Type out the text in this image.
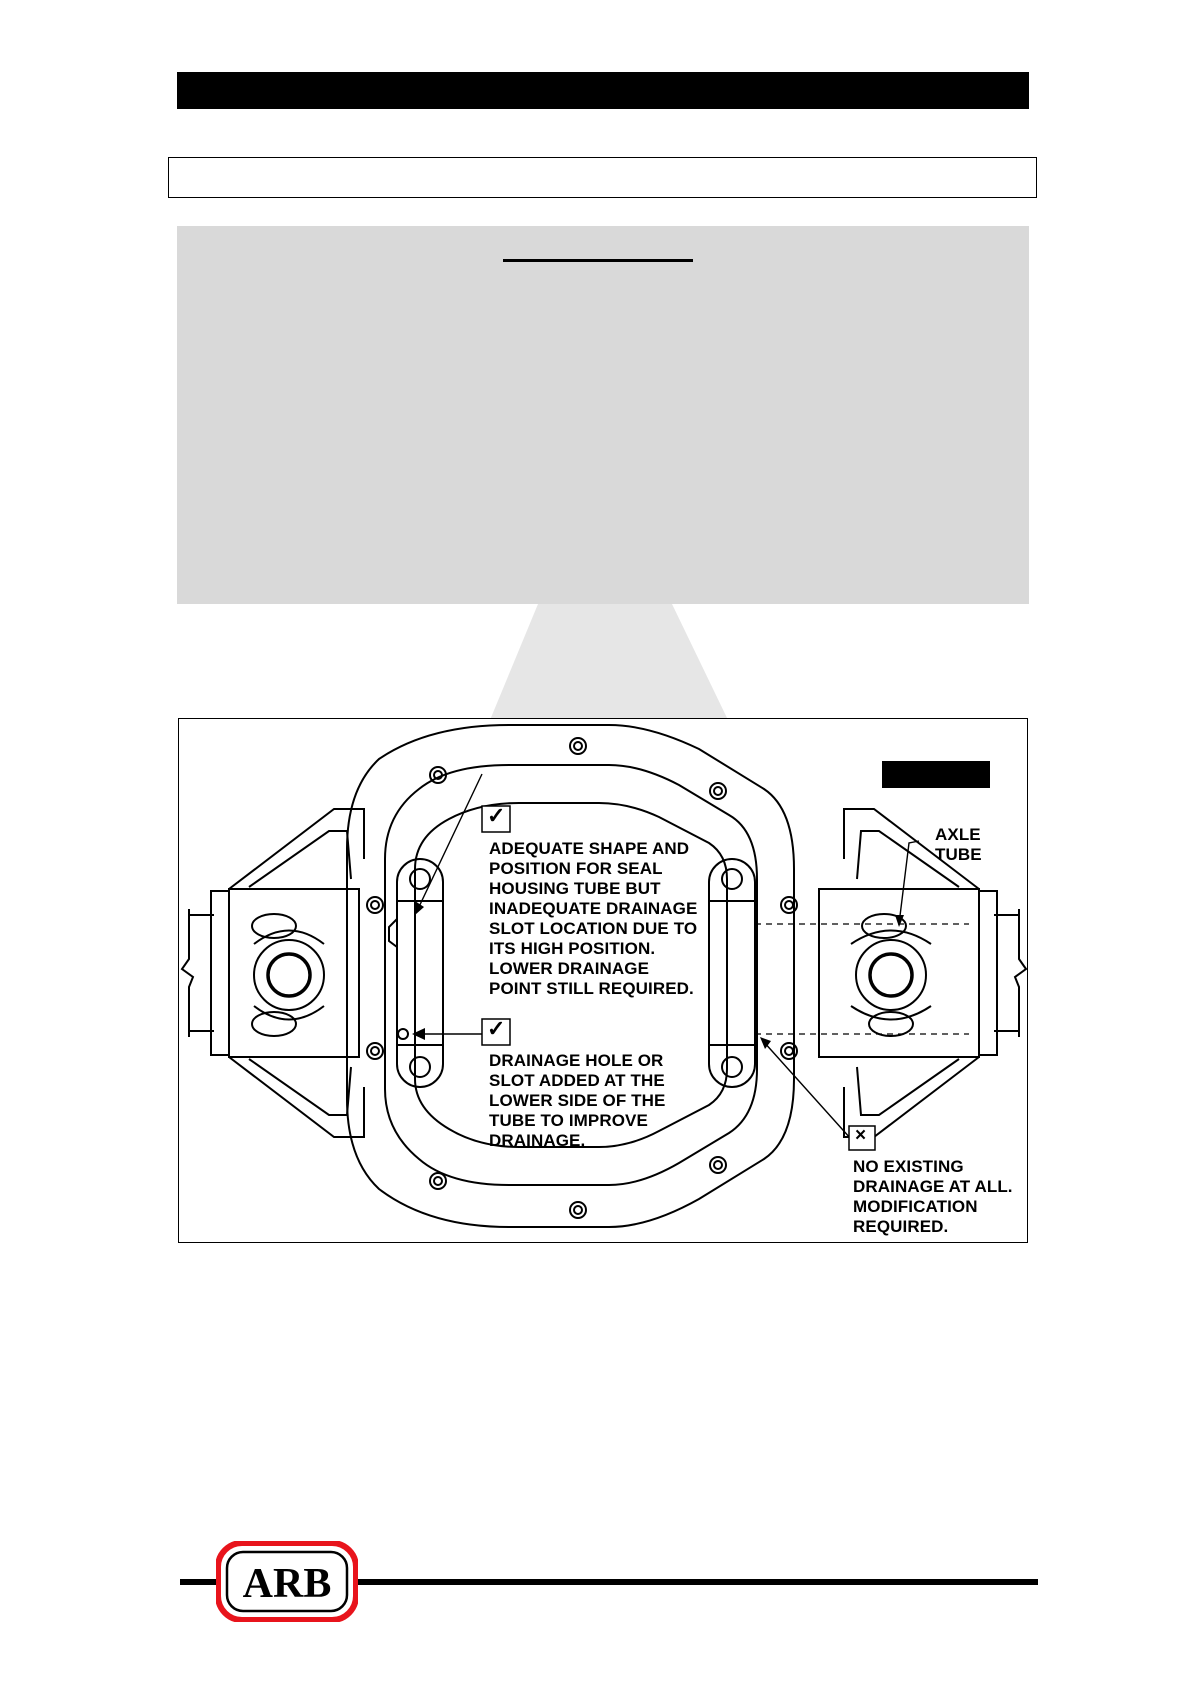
✓
ADEQUATE SHAPE AND
POSITION FOR SEAL
HOUSING TUBE BUT
INADEQUATE DRAINAGE
SLOT LOCATION DUE TO
ITS HIGH POSITION.
LOWER DRAINAGE
POINT STILL REQUIRED.
✓
DRAINAGE HOLE OR
SLOT ADDED AT THE
LOWER SIDE OF THE
TUBE TO IMPROVE
DRAINAGE.	×
NO EXISTING
DRAINAGE AT ALL.
MODIFICATION
REQUIRED.
AXLE
TUBE
ARB
